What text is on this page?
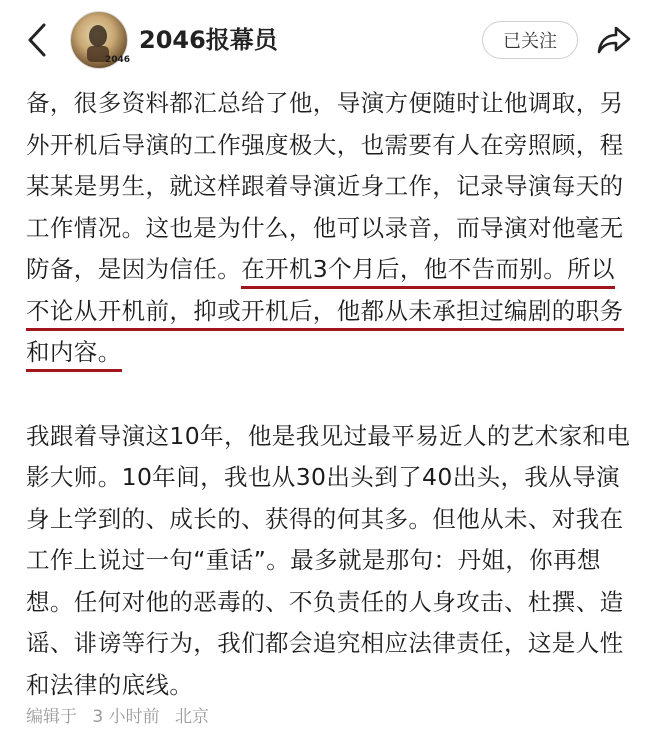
2046
2046报幕员	已关注

备，很多资料都汇总给了他，导演方便随时让他调取，另外开机后导演的工作强度极大，也需要有人在旁照顾，程某某是男生，就这样跟着导演近身工作，记录导演每天的工作情况。这也是为什么，他可以录音，而导演对他毫无防备，是因为信任。在开机3个月后，他不告而别。所以不论从开机前，抑或开机后，他都从未承担过编剧的职务和内容。

我跟着导演这10年，他是我见过最平易近人的艺术家和电影大师。10年间，我也从30出头到了40出头，我从导演身上学到的、成长的、获得的何其多。但他从未、对我在工作上说过一句“重话”。最多就是那句：丹姐，你再想想。任何对他的恶毒的、不负责任的人身攻击、杜撰、造谣、诽谤等行为，我们都会追究相应法律责任，这是人性和法律的底线。

编辑于 3 小时前 北京
